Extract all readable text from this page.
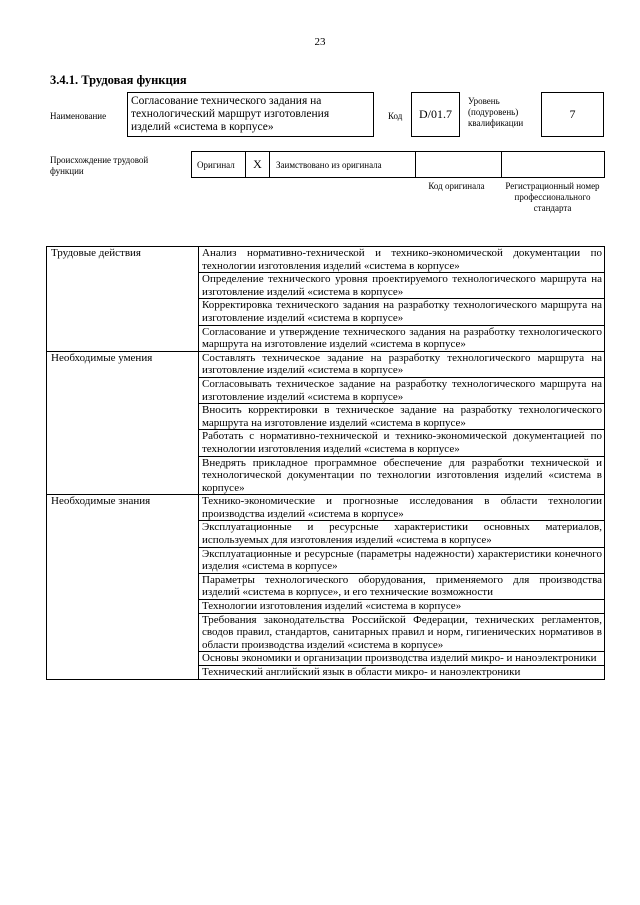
23
3.4.1. Трудовая функция
Наименование
Согласование технического задания на технологический маршрут изготовления изделий «система в корпусе»
Код	D/01.7
Уровень (подуровень) квалификации
7
Происхождение трудовой функции
Оригинал	X	Заимствовано из оригинала
Код оригинала	Регистрационный номер профессионального стандарта
Трудовые действия	Анализ нормативно-технической и технико-экономической документации по технологии изготовления изделий «система в корпусе»
	Определение технического уровня проектируемого технологического маршрута на изготовление изделий «система в корпусе»
	Корректировка технического задания на разработку технологического маршрута на изготовление изделий «система в корпусе»
	Согласование и утверждение технического задания на разработку технологического маршрута на изготовление изделий «система в корпусе»
Необходимые умения	Составлять техническое задание на разработку технологического маршрута на изготовление изделий «система в корпусе»
	Согласовывать техническое задание на разработку технологического маршрута на изготовление изделий «система в корпусе»
	Вносить корректировки в техническое задание на разработку технологического маршрута на изготовление изделий «система в корпусе»
	Работать с нормативно-технической и технико-экономической документацией по технологии изготовления изделий «система в корпусе»
	Внедрять прикладное программное обеспечение для разработки технической и технологической документации по технологии изготовления изделий «система в корпусе»
Необходимые знания	Технико-экономические и прогнозные исследования в области технологии производства изделий «система в корпусе»
	Эксплуатационные и ресурсные характеристики основных материалов, используемых для изготовления изделий «система в корпусе»
	Эксплуатационные и ресурсные (параметры надежности) характеристики конечного изделия «система в корпусе»
	Параметры технологического оборудования, применяемого для производства изделий «система в корпусе», и его технические возможности
	Технологии изготовления изделий «система в корпусе»
	Требования законодательства Российской Федерации, технических регламентов, сводов правил, стандартов, санитарных правил и норм, гигиенических нормативов в области производства изделий «система в корпусе»
	Основы экономики и организации производства изделий микро- и наноэлектроники
	Технический английский язык в области микро- и наноэлектроники
